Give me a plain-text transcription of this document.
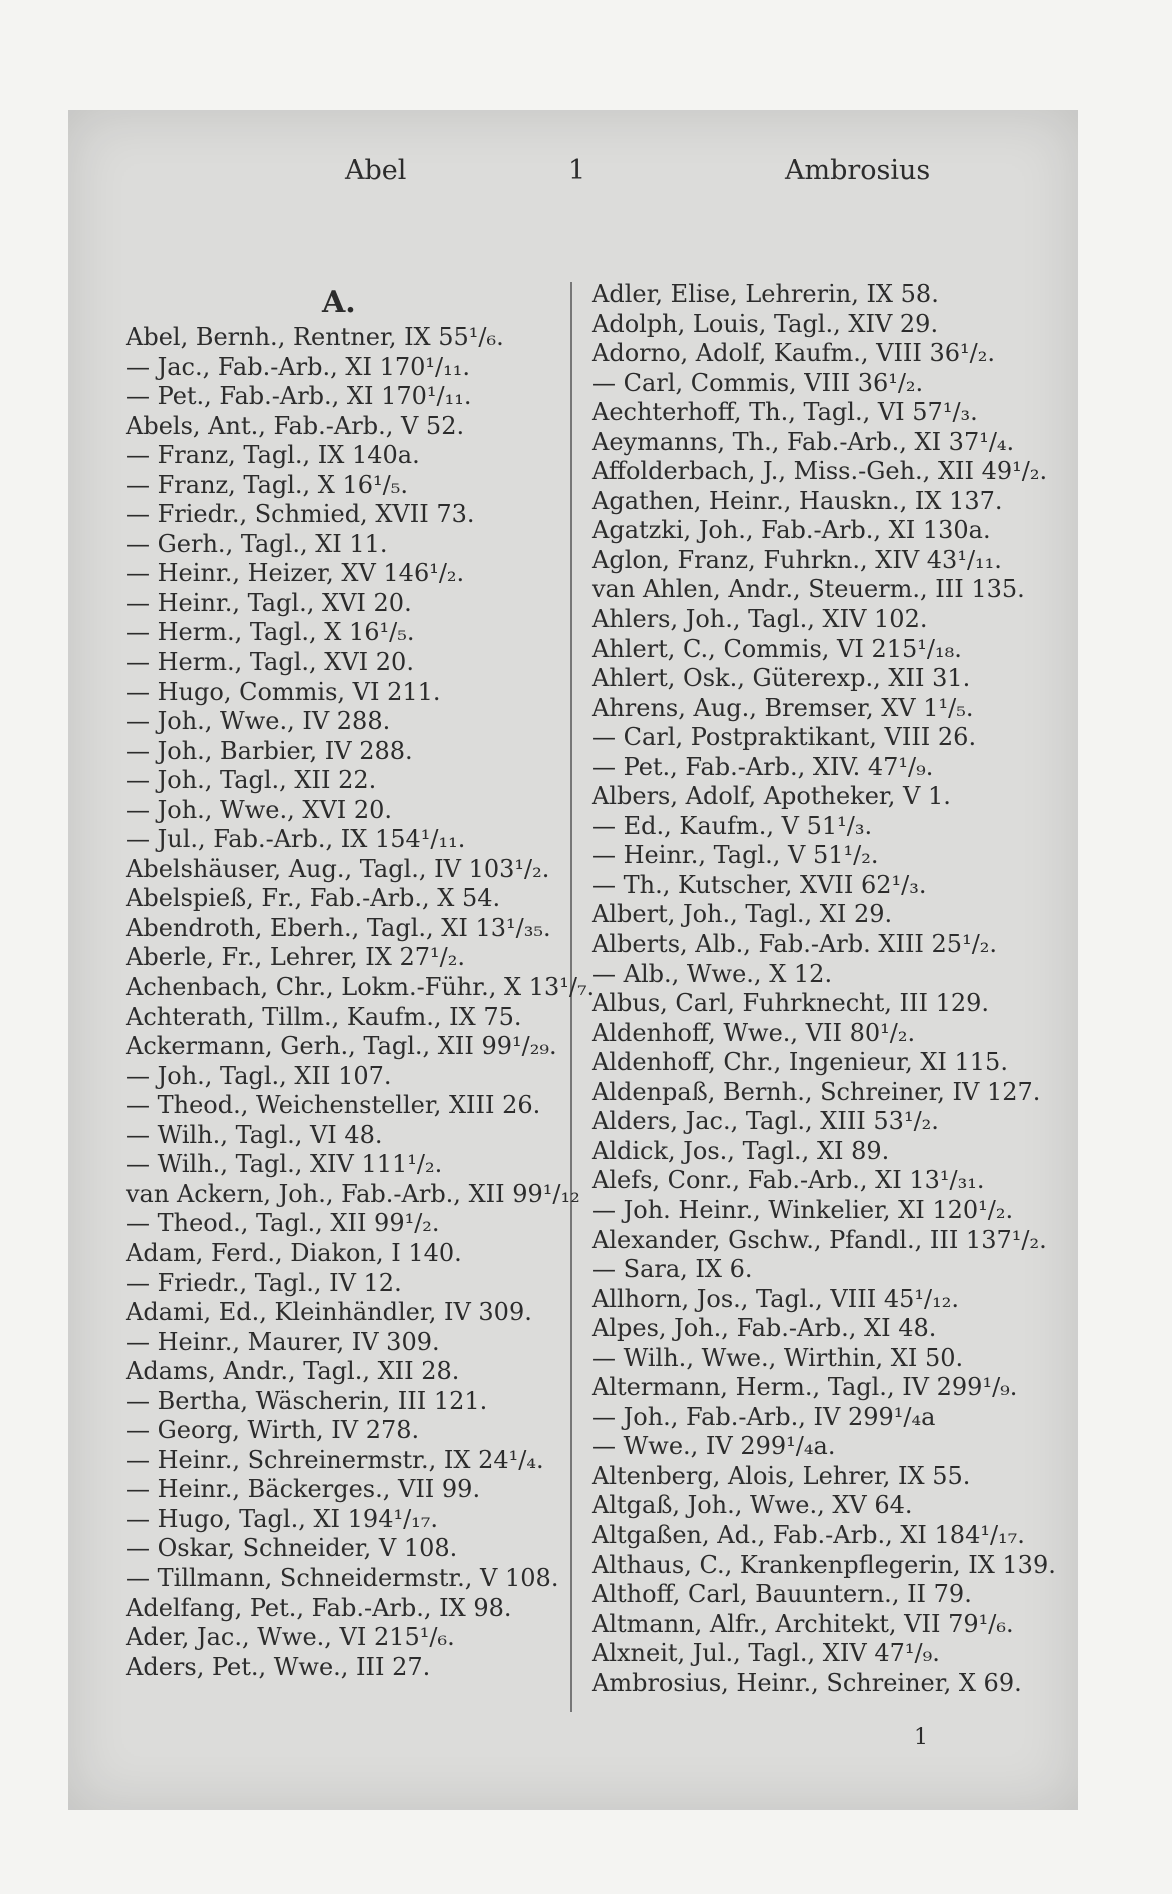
Abel	1	Ambrosius
A.
Abel, Bernh., Rentner, IX 55¹/₆.
— Jac., Fab.-Arb., XI 170¹/₁₁.
— Pet., Fab.-Arb., XI 170¹/₁₁.
Abels, Ant., Fab.-Arb., V 52.
— Franz, Tagl., IX 140a.
— Franz, Tagl., X 16¹/₅.
— Friedr., Schmied, XVII 73.
— Gerh., Tagl., XI 11.
— Heinr., Heizer, XV 146¹/₂.
— Heinr., Tagl., XVI 20.
— Herm., Tagl., X 16¹/₅.
— Herm., Tagl., XVI 20.
— Hugo, Commis, VI 211.
— Joh., Wwe., IV 288.
— Joh., Barbier, IV 288.
— Joh., Tagl., XII 22.
— Joh., Wwe., XVI 20.
— Jul., Fab.-Arb., IX 154¹/₁₁.
Abelshäuser, Aug., Tagl., IV 103¹/₂.
Abelspieß, Fr., Fab.-Arb., X 54.
Abendroth, Eberh., Tagl., XI 13¹/₃₅.
Aberle, Fr., Lehrer, IX 27¹/₂.
Achenbach, Chr., Lokm.-Führ., X 13¹/₇.
Achterath, Tillm., Kaufm., IX 75.
Ackermann, Gerh., Tagl., XII 99¹/₂₉.
— Joh., Tagl., XII 107.
— Theod., Weichensteller, XIII 26.
— Wilh., Tagl., VI 48.
— Wilh., Tagl., XIV 111¹/₂.
van Ackern, Joh., Fab.-Arb., XII 99¹/₁₂
— Theod., Tagl., XII 99¹/₂.
Adam, Ferd., Diakon, I 140.
— Friedr., Tagl., IV 12.
Adami, Ed., Kleinhändler, IV 309.
— Heinr., Maurer, IV 309.
Adams, Andr., Tagl., XII 28.
— Bertha, Wäscherin, III 121.
— Georg, Wirth, IV 278.
— Heinr., Schreinermstr., IX 24¹/₄.
— Heinr., Bäckerges., VII 99.
— Hugo, Tagl., XI 194¹/₁₇.
— Oskar, Schneider, V 108.
— Tillmann, Schneidermstr., V 108.
Adelfang, Pet., Fab.-Arb., IX 98.
Ader, Jac., Wwe., VI 215¹/₆.
Aders, Pet., Wwe., III 27.
Adler, Elise, Lehrerin, IX 58.
Adolph, Louis, Tagl., XIV 29.
Adorno, Adolf, Kaufm., VIII 36¹/₂.
— Carl, Commis, VIII 36¹/₂.
Aechterhoff, Th., Tagl., VI 57¹/₃.
Aeymanns, Th., Fab.-Arb., XI 37¹/₄.
Affolderbach, J., Miss.-Geh., XII 49¹/₂.
Agathen, Heinr., Hauskn., IX 137.
Agatzki, Joh., Fab.-Arb., XI 130a.
Aglon, Franz, Fuhrkn., XIV 43¹/₁₁.
van Ahlen, Andr., Steuerm., III 135.
Ahlers, Joh., Tagl., XIV 102.
Ahlert, C., Commis, VI 215¹/₁₈.
Ahlert, Osk., Güterexp., XII 31.
Ahrens, Aug., Bremser, XV 1¹/₅.
— Carl, Postpraktikant, VIII 26.
— Pet., Fab.-Arb., XIV. 47¹/₉.
Albers, Adolf, Apotheker, V 1.
— Ed., Kaufm., V 51¹/₃.
— Heinr., Tagl., V 51¹/₂.
— Th., Kutscher, XVII 62¹/₃.
Albert, Joh., Tagl., XI 29.
Alberts, Alb., Fab.-Arb. XIII 25¹/₂.
— Alb., Wwe., X 12.
Albus, Carl, Fuhrknecht, III 129.
Aldenhoff, Wwe., VII 80¹/₂.
Aldenhoff, Chr., Ingenieur, XI 115.
Aldenpaß, Bernh., Schreiner, IV 127.
Alders, Jac., Tagl., XIII 53¹/₂.
Aldick, Jos., Tagl., XI 89.
Alefs, Conr., Fab.-Arb., XI 13¹/₃₁.
— Joh. Heinr., Winkelier, XI 120¹/₂.
Alexander, Gschw., Pfandl., III 137¹/₂.
— Sara, IX 6.
Allhorn, Jos., Tagl., VIII 45¹/₁₂.
Alpes, Joh., Fab.-Arb., XI 48.
— Wilh., Wwe., Wirthin, XI 50.
Altermann, Herm., Tagl., IV 299¹/₉.
— Joh., Fab.-Arb., IV 299¹/₄a
— Wwe., IV 299¹/₄a.
Altenberg, Alois, Lehrer, IX 55.
Altgaß, Joh., Wwe., XV 64.
Altgaßen, Ad., Fab.-Arb., XI 184¹/₁₇.
Althaus, C., Krankenpflegerin, IX 139.
Althoff, Carl, Bauuntern., II 79.
Altmann, Alfr., Architekt, VII 79¹/₆.
Alxneit, Jul., Tagl., XIV 47¹/₉.
Ambrosius, Heinr., Schreiner, X 69.
1
